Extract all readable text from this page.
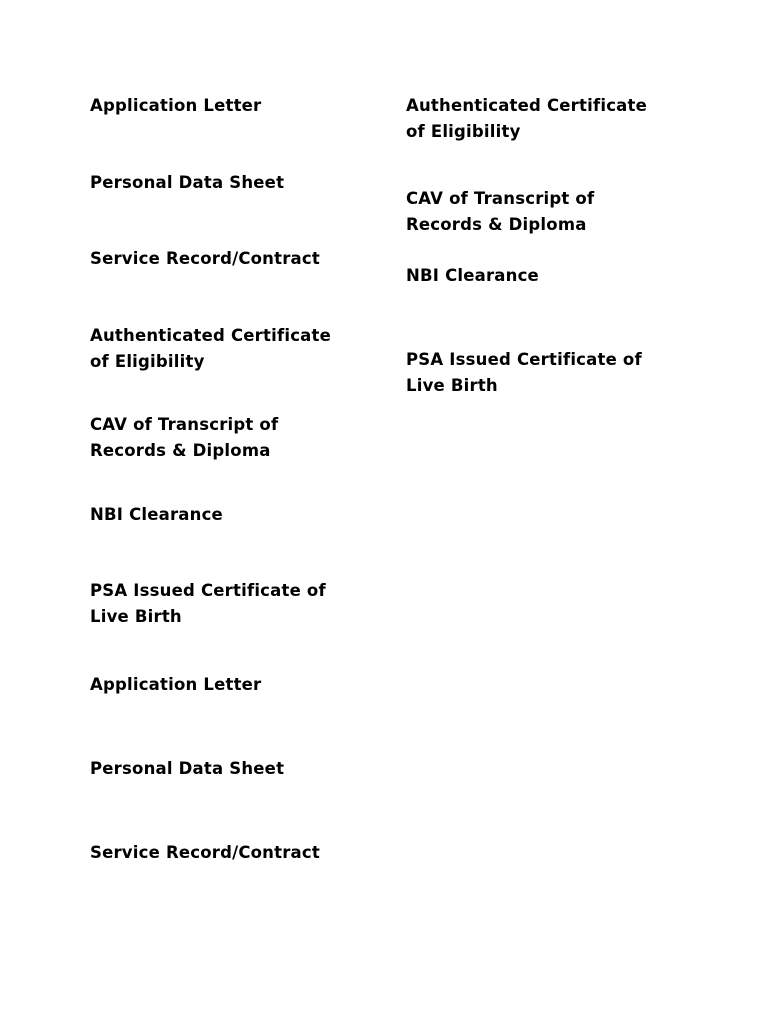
Application Letter

Personal Data Sheet

Service Record/Contract

Authenticated Certificate
of Eligibility

CAV of Transcript of
Records & Diploma

NBI Clearance

PSA Issued Certificate of
Live Birth

Application Letter

Personal Data Sheet

Service Record/Contract

Authenticated Certificate
of Eligibility

CAV of Transcript of
Records & Diploma

NBI Clearance

PSA Issued Certificate of
Live Birth
